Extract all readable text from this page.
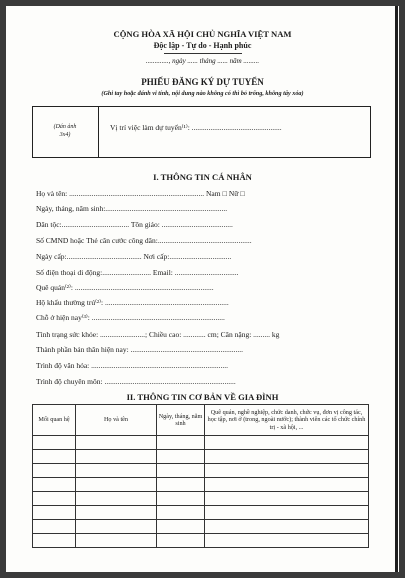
CỘNG HÒA XÃ HỘI CHỦ NGHĨA VIỆT NAM
Độc lập - Tự do - Hạnh phúc
............., ngày ...... tháng ...... năm .........
PHIẾU ĐĂNG KÝ DỰ TUYỂN
(Ghi tay hoặc đánh vi tính, nội dung nào không có thì bỏ trống, không tẩy xóa)
(Dán ảnh
3x4)
Vị trí việc làm dự tuyển⁽¹⁾: ................................................
I. THÔNG TIN CÁ NHÂN
Họ và tên: ........................................................................ Nam □ Nữ □
Ngày, tháng, năm sinh:.................................................................
Dân tộc:.................................... Tôn giáo: ......................................
Số CMND hoặc Thẻ căn cước công dân:..................................................
Ngày cấp:........................................ Nơi cấp:.................................
Số điện thoại di động:.......................... Email: ..................................
Quê quán⁽²⁾: ..........................................................................
Hộ khẩu thường trú⁽²⁾: ..................................................................
Chỗ ở hiện nay⁽³⁾: .......................................................................
Tình trạng sức khỏe: ........................; Chiều cao: ............ cm; Cân nặng: ......... kg
Thành phần bản thân hiện nay: ............................................................
Trình độ văn hóa: .........................................................................
Trình độ chuyên môn: ......................................................................
II. THÔNG TIN CƠ BẢN VỀ GIA ĐÌNH
Mối quan hệ	Họ và tên	Ngày, tháng, năm sinh	Quê quán, nghề nghiệp, chức danh, chức vụ, đơn vị công tác, học tập, nơi ở (trong, ngoài nước); thành viên các tổ chức chính trị - xã hội, ...
